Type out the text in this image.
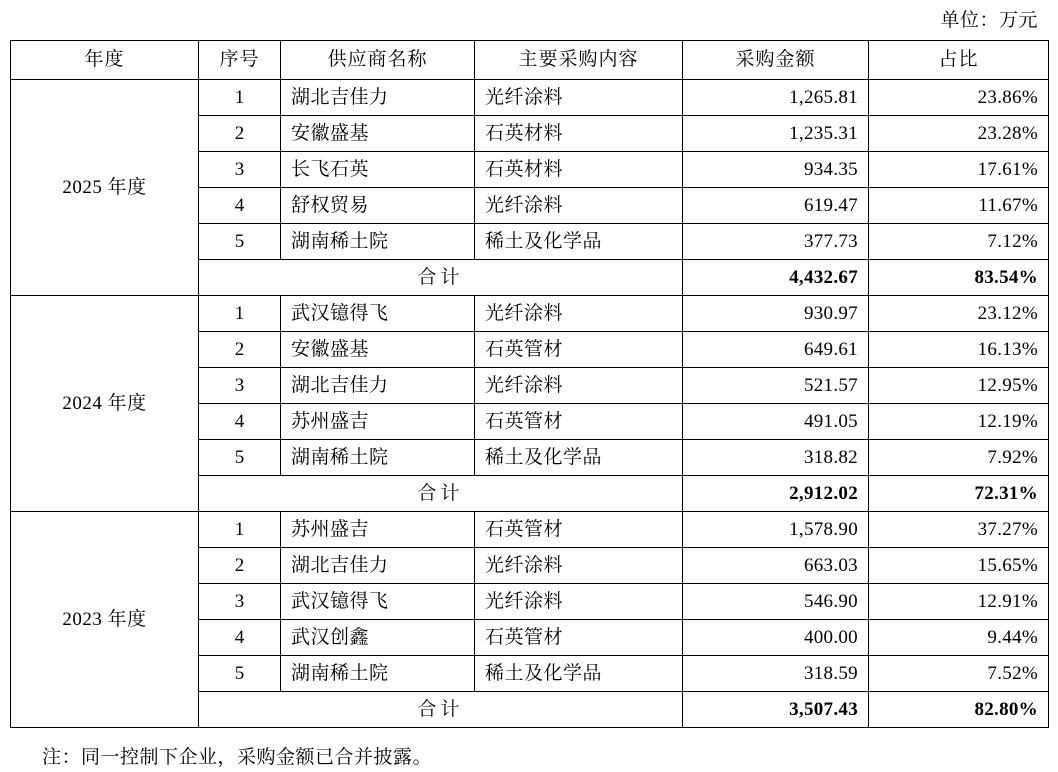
单位：万元
年度	序号	供应商名称	主要采购内容	采购金额	占比
2025 年度	1	湖北吉佳力	光纤涂料	1,265.81	23.86%
	2	安徽盛基	石英材料	1,235.31	23.28%
	3	长飞石英	石英材料	934.35	17.61%
	4	舒权贸易	光纤涂料	619.47	11.67%
	5	湖南稀土院	稀土及化学品	377.73	7.12%
	合计			4,432.67	83.54%
2024 年度	1	武汉镱得飞	光纤涂料	930.97	23.12%
	2	安徽盛基	石英管材	649.61	16.13%
	3	湖北吉佳力	光纤涂料	521.57	12.95%
	4	苏州盛吉	石英管材	491.05	12.19%
	5	湖南稀土院	稀土及化学品	318.82	7.92%
	合计			2,912.02	72.31%
2023 年度	1	苏州盛吉	石英管材	1,578.90	37.27%
	2	湖北吉佳力	光纤涂料	663.03	15.65%
	3	武汉镱得飞	光纤涂料	546.90	12.91%
	4	武汉创鑫	石英管材	400.00	9.44%
	5	湖南稀土院	稀土及化学品	318.59	7.52%
	合计			3,507.43	82.80%
注：同一控制下企业，采购金额已合并披露。
